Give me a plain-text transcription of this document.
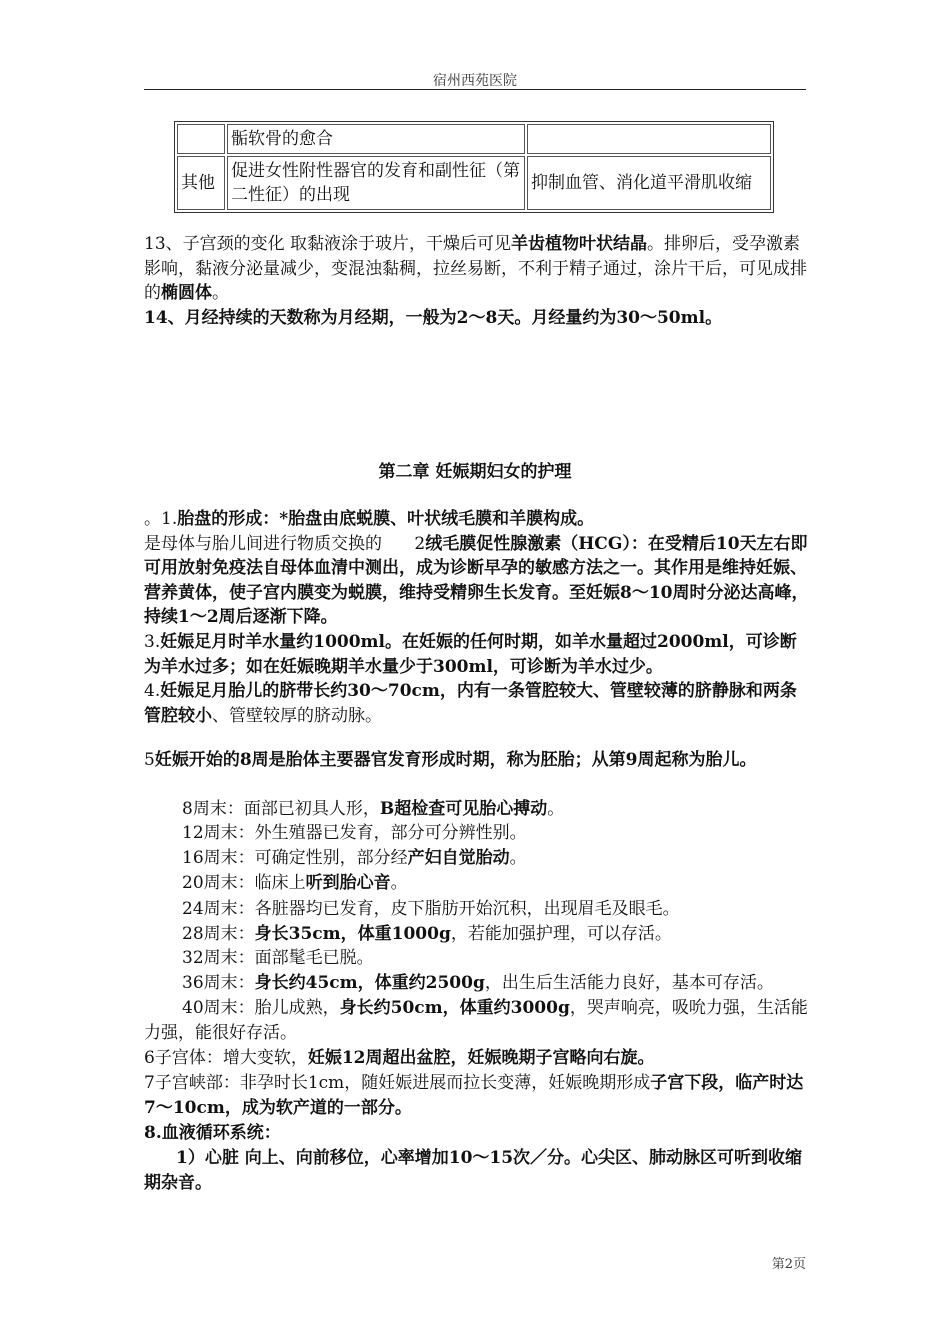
宿州西苑医院
	骺软骨的愈合	
其他	促进女性附性器官的发育和副性征（第二性征）的出现	抑制血管、消化道平滑肌收缩

13、子宫颈的变化 取黏液涂于玻片，干燥后可见羊齿植物叶状结晶。排卵后，受孕激素影响，黏液分泌量减少，变混浊黏稠，拉丝易断，不利于精子通过，涂片干后，可见成排的椭圆体。

14、月经持续的天数称为月经期，一般为2～8天。月经量约为30～50ml。

第二章 妊娠期妇女的护理

。1.胎盘的形成：*胎盘由底蜕膜、叶状绒毛膜和羊膜构成。是母体与胎儿间进行物质交换的      2绒毛膜促性腺激素（HCG）：在受精后10天左右即可用放射免疫法自母体血清中测出，成为诊断早孕的敏感方法之一。其作用是维持妊娠、营养黄体，使子宫内膜变为蜕膜，维持受精卵生长发育。至妊娠8～10周时分泌达高峰，持续1～2周后逐渐下降。

3.妊娠足月时羊水量约1000ml。在妊娠的任何时期，如羊水量超过2000ml，可诊断为羊水过多；如在妊娠晚期羊水量少于300ml，可诊断为羊水过少。

4.妊娠足月胎儿的脐带长约30～70cm，内有一条管腔较大、管壁较薄的脐静脉和两条管腔较小、管壁较厚的脐动脉。

5妊娠开始的8周是胎体主要器官发育形成时期，称为胚胎；从第9周起称为胎儿。

8周末：面部已初具人形，B超检查可见胎心搏动。

12周末：外生殖器已发育，部分可分辨性别。

16周末：可确定性别，部分经产妇自觉胎动。

20周末：临床上听到胎心音。

24周末：各脏器均已发育，皮下脂肪开始沉积，出现眉毛及眼毛。

28周末：身长35cm，体重1000g，若能加强护理，可以存活。

32周末：面部髦毛已脱。

36周末：身长约45cm，体重约2500g，出生后生活能力良好，基本可存活。

40周末：胎儿成熟，身长约50cm，体重约3000g，哭声响亮，吸吮力强，生活能力强，能很好存活。

6子宫体：增大变软，妊娠12周超出盆腔，妊娠晚期子宫略向右旋。

7子宫峡部：非孕时长1cm，随妊娠进展而拉长变薄，妊娠晚期形成子宫下段，临产时达7～10cm，成为软产道的一部分。

8.血液循环系统：

1）心脏 向上、向前移位，心率增加10～15次／分。心尖区、肺动脉区可听到收缩期杂音。

第2页
